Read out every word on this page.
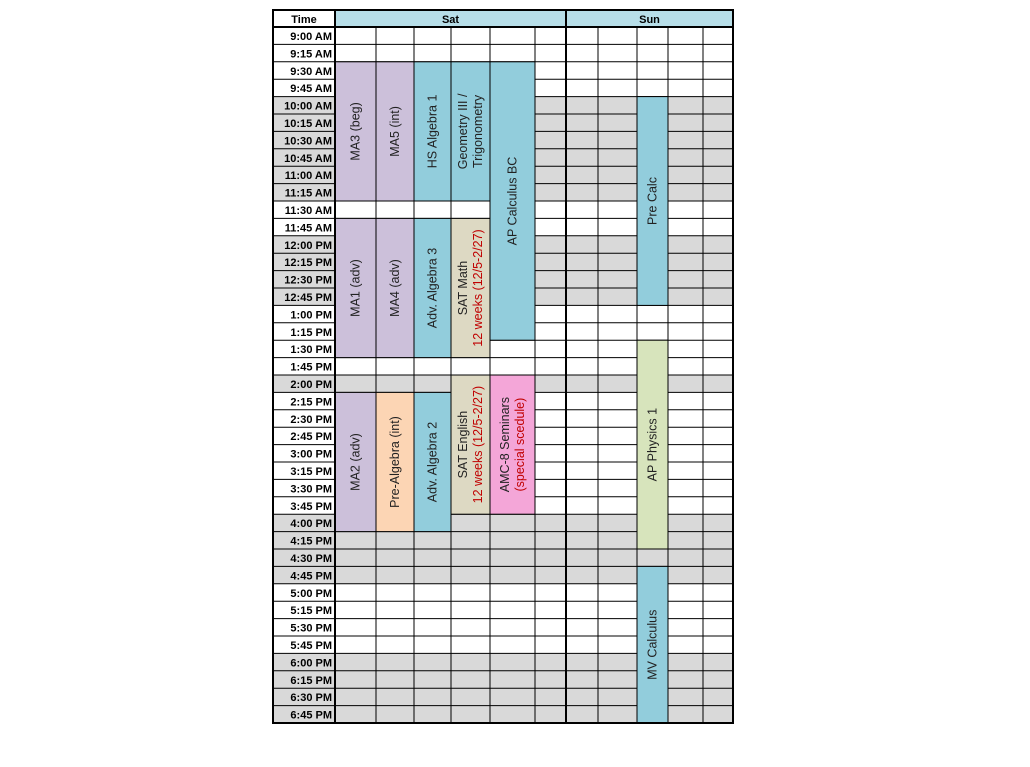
MA3 (beg) MA5 (int) HS Algebra 1 Geometry III / Trigonometry
AP Calculus BC
MA1 (adv) MA4 (adv) Adv. Algebra 3 SAT Math 12 weeks (12/5-2/27)
MA2 (adv) Pre-Algebra (int) Adv. Algebra 2 SAT English 12 weeks (12/5-2/27) AMC-8 Seminars (special scedule)
Pre Calc
AP Physics 1
MV Calculus
Time	Sat	Sun
9:00 AM
9:15 AM
9:30 AM
9:45 AM
10:00 AM
10:15 AM
10:30 AM
10:45 AM
11:00 AM
11:15 AM
11:30 AM
11:45 AM
12:00 PM
12:15 PM
12:30 PM
12:45 PM
1:00 PM
1:15 PM
1:30 PM
1:45 PM
2:00 PM
2:15 PM
2:30 PM
2:45 PM
3:00 PM
3:15 PM
3:30 PM
3:45 PM
4:00 PM
4:15 PM
4:30 PM
4:45 PM
5:00 PM
5:15 PM
5:30 PM
5:45 PM
6:00 PM
6:15 PM
6:30 PM
6:45 PM
